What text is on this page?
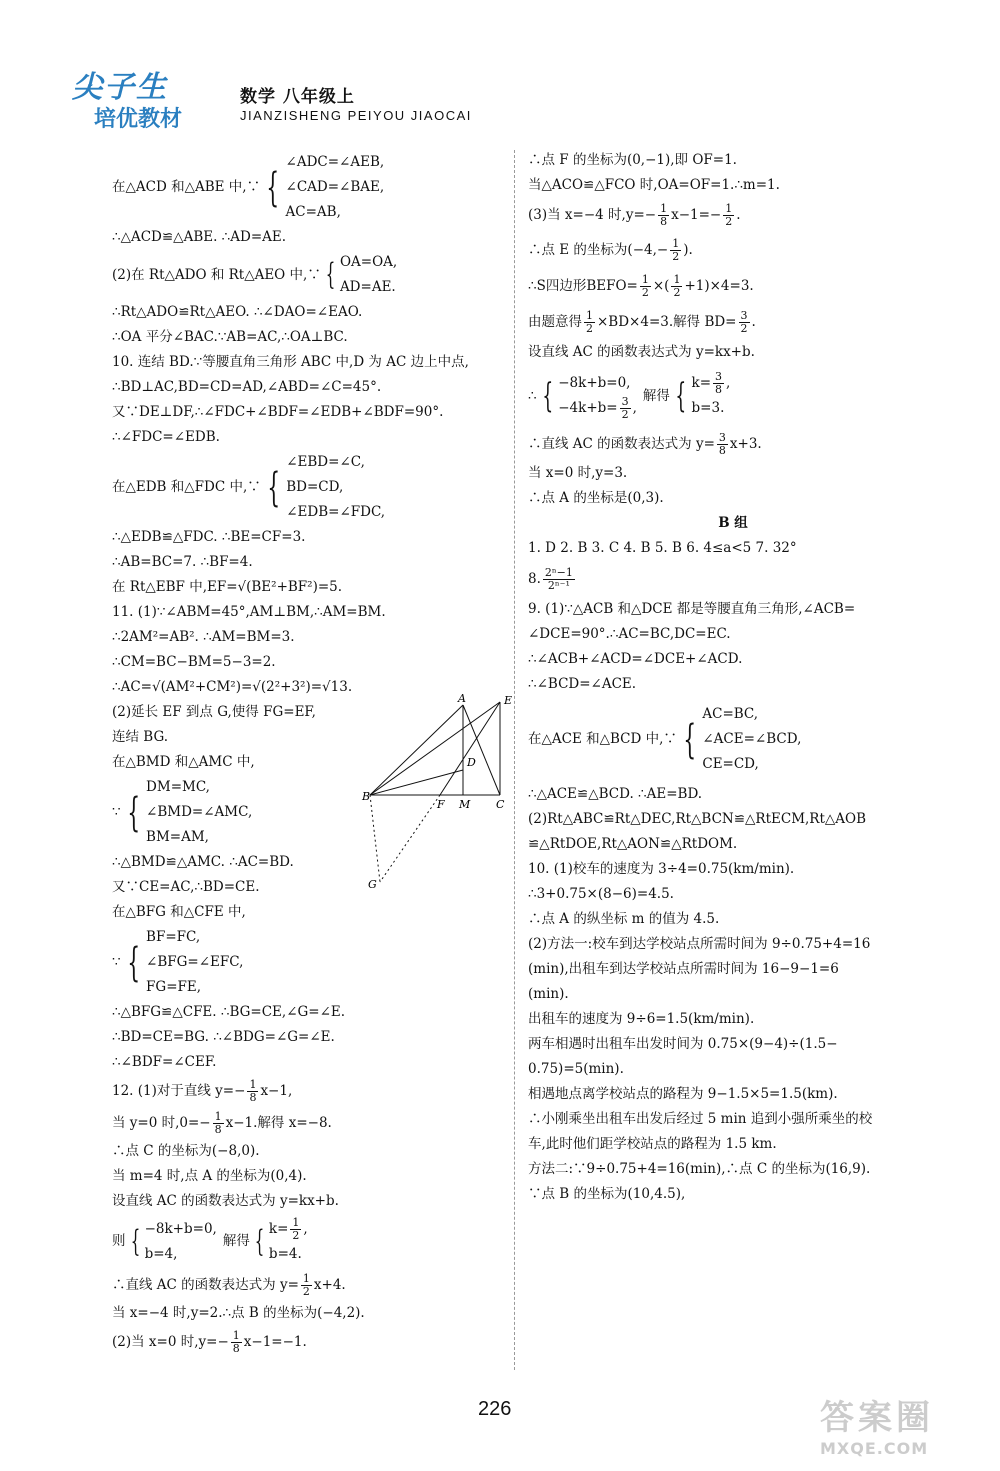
尖子生
培优教材
数学 八年级上
JIANZISHENG PEIYOU JIAOCAI
在△ACD 和△ABE 中,∵ {
∠ADC=∠AEB,
∠CAD=∠BAE,
AC=AB,
∴△ACD≌△ABE. ∴AD=AE.
(2)在 Rt△ADO 和 Rt△AEO 中,∵ { OA=OA,
AD=AE.
∴Rt△ADO≌Rt△AEO. ∴∠DAO=∠EAO.
∴OA 平分∠BAC.∵AB=AC,∴OA⊥BC.
10. 连结 BD.∵等腰直角三角形 ABC 中,D 为 AC 边上中点,
∴BD⊥AC,BD=CD=AD,∠ABD=∠C=45°.
又∵DE⊥DF,∴∠FDC+∠BDF=∠EDB+∠BDF=90°.
∴∠FDC=∠EDB.
在△EDB 和△FDC 中,∵ {
∠EBD=∠C,
BD=CD,
∠EDB=∠FDC,
∴△EDB≌△FDC. ∴BE=CF=3.
∴AB=BC=7. ∴BF=4.
在 Rt△EBF 中,EF=√(BE²+BF²)=5.
11. (1)∵∠ABM=45°,AM⊥BM,∴AM=BM.
∴2AM²=AB². ∴AM=BM=3.
∴CM=BC−BM=5−3=2.
∴AC=√(AM²+CM²)=√(2²+3²)=√13.
(2)延长 EF 到点 G,使得 FG=EF,
连结 BG.
在△BMD 和△AMC 中,
∵ {
DM=MC,
∠BMD=∠AMC,
BM=AM,
∴△BMD≌△AMC. ∴AC=BD.
又∵CE=AC,∴BD=CE.
在△BFG 和△CFE 中,
∵ {
BF=FC,
∠BFG=∠EFC,
FG=FE,
∴△BFG≌△CFE. ∴BG=CE,∠G=∠E.
∴BD=CE=BG. ∴∠BDG=∠G=∠E.
∴∠BDF=∠CEF.
12. (1)对于直线 $y=- \frac{1}{8} x-1$,
当 y=0 时$,0=- \frac{1}{8} x-1$.解得 x=−8.
∴点 C 的坐标为(−8,0).
当 m=4 时,点 A 的坐标为(0,4).
设直线 AC 的函数表达式为 y=kx+b.
则 { −8k+b=0,
b=4,
解得 { $k= \frac{1}{2}$ ,
b=4.
∴直线 AC 的函数表达式为 $y= \frac{1}{2} x+4$.
当 x=−4 时,y=2.∴点 B 的坐标为(−4,2).
(2)当 x=0 时$,y=- \frac{1}{8} x-1=-1$.
A	E
D
B
F M C
G
∴点 F 的坐标为(0,−1),即 OF=1.
当△ACO≌△FCO 时,OA=OF=1.∴m=1.
(3)当 x=−4 时$,y=- \frac{1}{8} x-1=- \frac{1}{2}$ .
∴点 E 的坐标为($-4,- \frac{1}{2}$ ).
∴S四边形BEFO= $\frac{1}{2}$ ×( $\frac{1}{2} +1)\times 4=3$.
由题意得 $\frac{1}{2} \times BD\times 4=3$.解得 $BD= \frac{3}{2}$ .
设直线 AC 的函数表达式为 y=kx+b.
∴ { −8k+b=0,
$-4k+b= \frac{3}{2}$ ,
解得 { $k= \frac{3}{8}$ ,
b=3.
∴直线 AC 的函数表达式为 $y= \frac{3}{8} x+3$.
当 x=0 时,y=3.
∴点 A 的坐标是(0,3).
B 组
1. D 2. B 3. C 4. B 5. B 6. 4≤a<5 7. 32°
8. $\frac{\text{2ⁿ−1}}{\text{2ⁿ⁻¹}}$
9. (1)∵△ACB 和△DCE 都是等腰直角三角形,∠ACB=
∠DCE=90°.∴AC=BC,DC=EC.
∴∠ACB+∠ACD=∠DCE+∠ACD.
∴∠BCD=∠ACE.
在△ACE 和△BCD 中,∵ {
AC=BC,
∠ACE=∠BCD,
CE=CD,
∴△ACE≌△BCD. ∴AE=BD.
(2)Rt△ABC≌Rt△DEC,Rt△BCN≌△RtECM,Rt△AOB
≌△RtDOE,Rt△AON≌△RtDOM.
10. (1)校车的速度为 3÷4=0.75(km/min).
∴3+0.75×(8−6)=4.5.
∴点 A 的纵坐标 m 的值为 4.5.
(2)方法一:校车到达学校站点所需时间为 9÷0.75+4=16
(min),出租车到达学校站点所需时间为 16−9−1=6
(min).
出租车的速度为 9÷6=1.5(km/min).
两车相遇时出租车出发时间为 0.75×(9−4)÷(1.5−
0.75)=5(min).
相遇地点离学校站点的路程为 9−1.5×5=1.5(km).
∴小刚乘坐出租车出发后经过 5 min 追到小强所乘坐的校
车,此时他们距学校站点的路程为 1.5 km.
方法二:∵9÷0.75+4=16(min),∴点 C 的坐标为(16,9).
∵点 B 的坐标为(10,4.5),
226	答案圈
MXQE.COM
